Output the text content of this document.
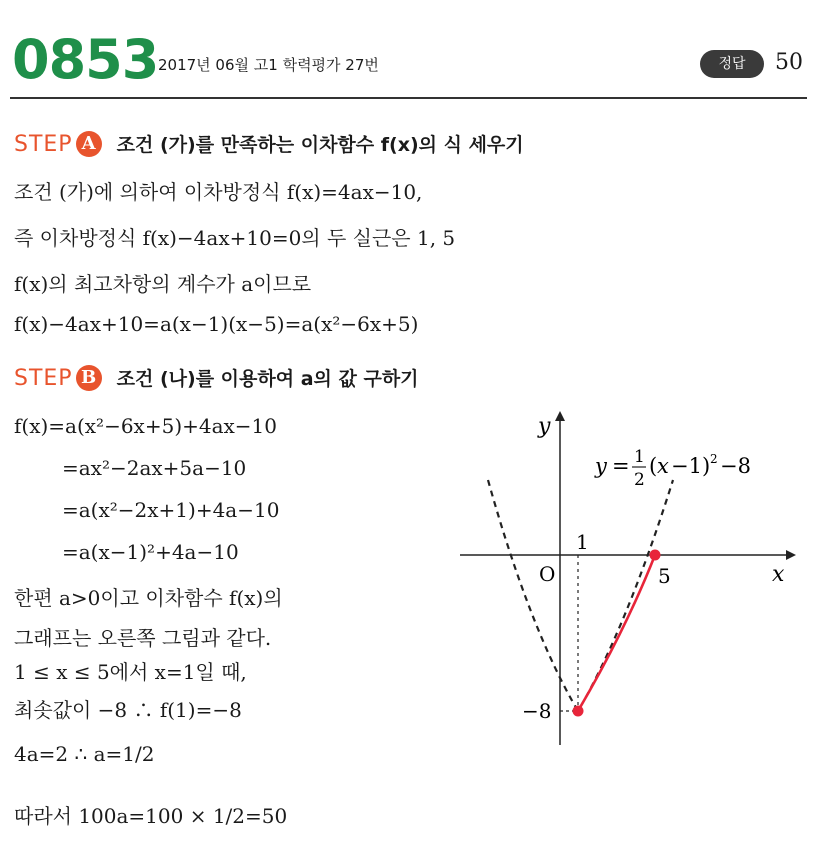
0853 2017년 06월 고1 학력평가 27번	정답	50
STEP A 조건 (가)를 만족하는 이차함수 f(x)의 식 세우기
조건 (가)에 의하여 이차방정식 f(x)=4ax−10,
즉 이차방정식 f(x)−4ax+10=0의 두 실근은 1, 5
f(x)의 최고차항의 계수가 a이므로
f(x)−4ax+10=a(x−1)(x−5)=a(x²−6x+5)
STEP B 조건 (나)를 이용하여 a의 값 구하기
f(x)=a(x²−6x+5)+4ax−10
=ax²−2ax+5a−10
=a(x²−2x+1)+4a−10
=a(x−1)²+4a−10
한편 a>0이고 이차함수 f(x)의
그래프는 오른쪽 그림과 같다.
1 ≤ x ≤ 5에서 x=1일 때,
최솟값이 −8 ∴ f(1)=−8
4a=2 ∴ a=1/2
따라서 100a=100 × 1/2=50
y
x
O
1
5
−8
y = 1
2
( x −1) 2 −8
y=1/2(x−1)²−8
